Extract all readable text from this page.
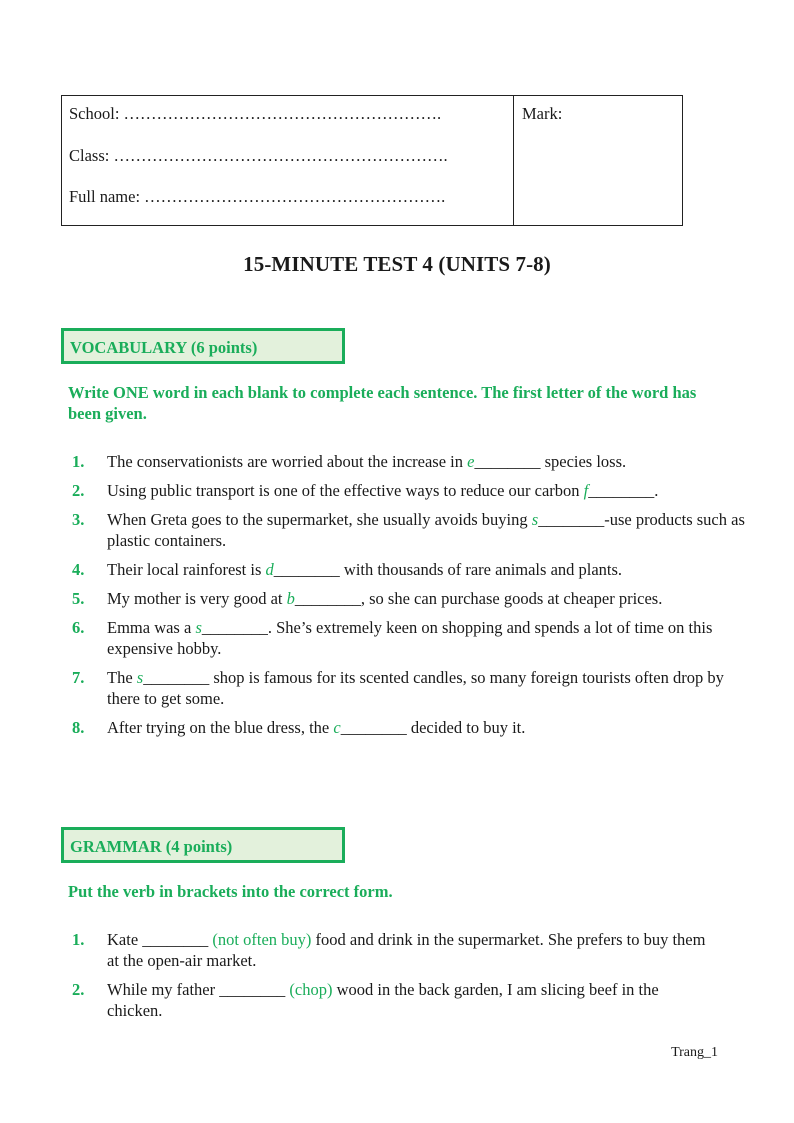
School: ………………………………………………….
Class: …………………………………………………….
Full name: ……………………………………………….
Mark:
15-MINUTE TEST 4 (UNITS 7-8)
VOCABULARY (6 points)
Write ONE word in each blank to complete each sentence. The first letter of the word has been given.
1.	The conservationists are worried about the increase in e________ species loss.
2.	Using public transport is one of the effective ways to reduce our carbon f________.
3.	When Greta goes to the supermarket, she usually avoids buying s________-use products such as plastic containers.
4.	Their local rainforest is d________ with thousands of rare animals and plants.
5.	My mother is very good at b________, so she can purchase goods at cheaper prices.
6.	Emma was a s________. She’s extremely keen on shopping and spends a lot of time on this expensive hobby.
7.	The s________ shop is famous for its scented candles, so many foreign tourists often drop by there to get some.
8.	After trying on the blue dress, the c________ decided to buy it.
GRAMMAR (4 points)
Put the verb in brackets into the correct form.
1.	Kate ________ (not often buy) food and drink in the supermarket. She prefers to buy them at the open-air market.
2.	While my father ________ (chop) wood in the back garden, I am slicing beef in the chicken.
Trang_1
